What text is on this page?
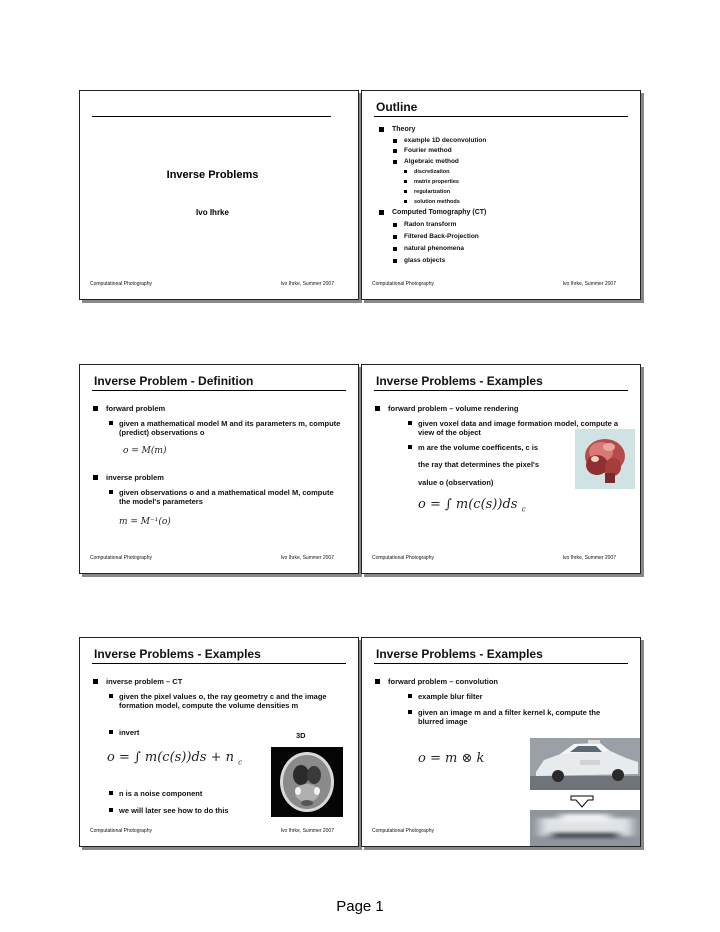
Inverse Problems
Ivo Ihrke
Computational Photography	Ivo Ihrke, Summer 2007
Outline
Theory
example 1D deconvolution
Fourier method
Algebraic method
discretization
matrix properties
regularization
solution methods
Computed Tomography (CT)
Radon transform
Filtered Back-Projection
natural phenomena
glass objects
Computational Photography	Ivo Ihrke, Summer 2007
Inverse Problem - Definition
forward problem
given a mathematical model M and its parameters m, compute (predict) observations o
o = M(m)
inverse problem
given observations o and a mathematical model M, compute the model's parameters
m = M⁻¹(o)
Computational Photography	Ivo Ihrke, Summer 2007
Inverse Problems - Examples
forward problem – volume rendering
given voxel data and image formation model, compute a view of the object
m are the volume coefficents, c is
the ray that determines the pixel's
value o (observation)
o = ∫ m(c(s))ds $_c$
Computational Photography	Ivo Ihrke, Summer 2007
Inverse Problems - Examples
inverse problem – CT
given the pixel values o, the ray geometry c and the image formation model, compute the volume densities m
invert	3D
o = ∫ m(c(s))ds + n $_c$
n is a noise component
we will later see how to do this
Computational Photography	Ivo Ihrke, Summer 2007
Inverse Problems - Examples
forward problem – convolution
example blur filter
given an image m and a filter kernel k, compute the blurred image
o = m ⊗ k
Computational Photography
Page 1
